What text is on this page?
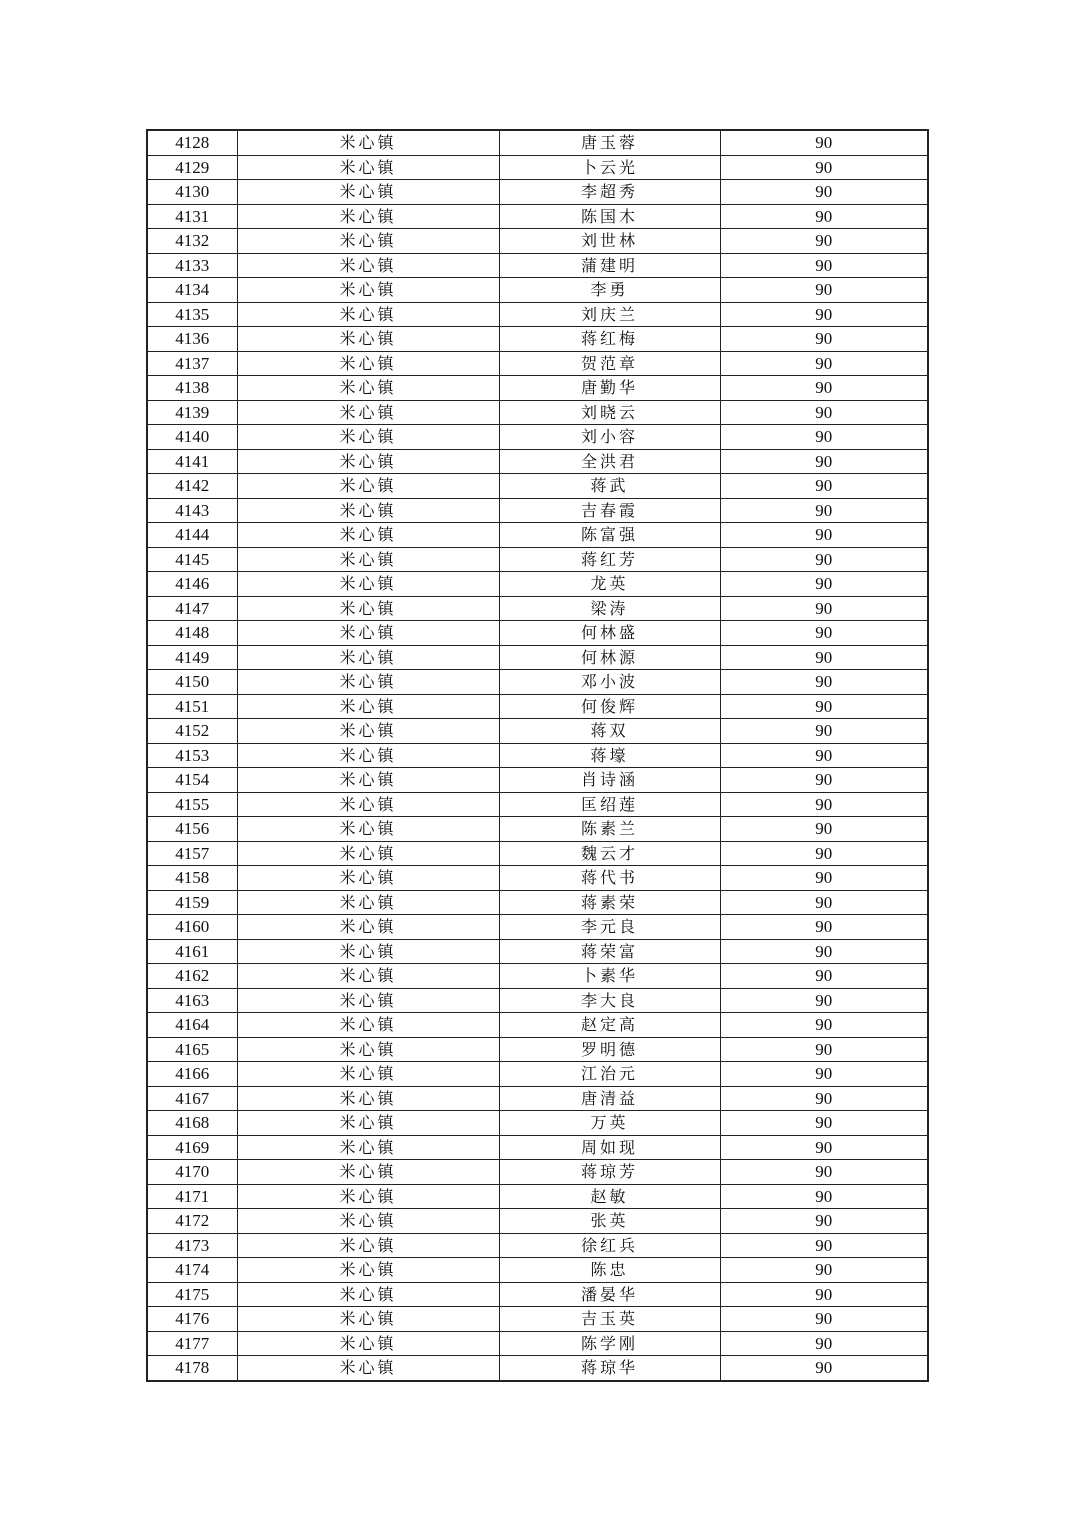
4128	米心镇	唐玉蓉	90
4129	米心镇	卜云光	90
4130	米心镇	李超秀	90
4131	米心镇	陈国木	90
4132	米心镇	刘世林	90
4133	米心镇	蒲建明	90
4134	米心镇	李勇	90
4135	米心镇	刘庆兰	90
4136	米心镇	蒋红梅	90
4137	米心镇	贺范章	90
4138	米心镇	唐勤华	90
4139	米心镇	刘晓云	90
4140	米心镇	刘小容	90
4141	米心镇	全洪君	90
4142	米心镇	蒋武	90
4143	米心镇	吉春霞	90
4144	米心镇	陈富强	90
4145	米心镇	蒋红芳	90
4146	米心镇	龙英	90
4147	米心镇	梁涛	90
4148	米心镇	何林盛	90
4149	米心镇	何林源	90
4150	米心镇	邓小波	90
4151	米心镇	何俊辉	90
4152	米心镇	蒋双	90
4153	米心镇	蒋壕	90
4154	米心镇	肖诗涵	90
4155	米心镇	匡绍莲	90
4156	米心镇	陈素兰	90
4157	米心镇	魏云才	90
4158	米心镇	蒋代书	90
4159	米心镇	蒋素荣	90
4160	米心镇	李元良	90
4161	米心镇	蒋荣富	90
4162	米心镇	卜素华	90
4163	米心镇	李大良	90
4164	米心镇	赵定高	90
4165	米心镇	罗明德	90
4166	米心镇	江治元	90
4167	米心镇	唐清益	90
4168	米心镇	万英	90
4169	米心镇	周如现	90
4170	米心镇	蒋琼芳	90
4171	米心镇	赵敏	90
4172	米心镇	张英	90
4173	米心镇	徐红兵	90
4174	米心镇	陈忠	90
4175	米心镇	潘晏华	90
4176	米心镇	吉玉英	90
4177	米心镇	陈学刚	90
4178	米心镇	蒋琼华	90
